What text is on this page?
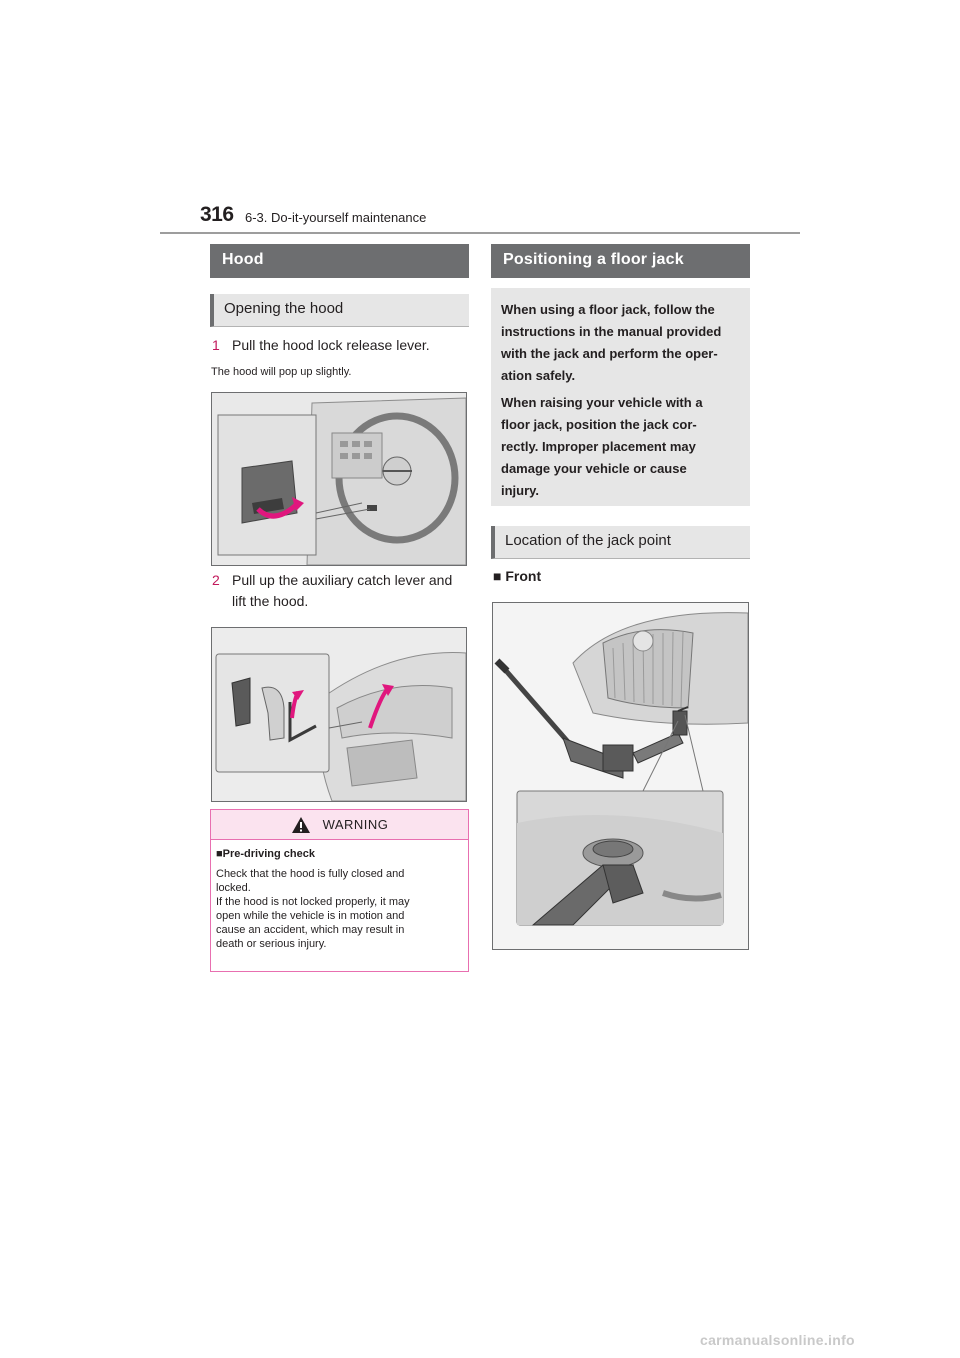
316 6-3. Do-it-yourself maintenance
Hood
Opening the hood
1 Pull the hood lock release lever.
The hood will pop up slightly.
2 Pull up the auxiliary catch lever and
lift the hood.
WARNING
■Pre-driving check
Check that the hood is fully closed and
locked.
If the hood is not locked properly, it may
open while the vehicle is in motion and
cause an accident, which may result in
death or serious injury.
Positioning a floor jack

When using a floor jack, follow the
instructions in the manual provided
with the jack and perform the oper-
ation safely.

When raising your vehicle with a
floor jack, position the jack cor-
rectly. Improper placement may
damage your vehicle or cause
injury.

Location of the jack point
■ Front
carmanualsonline.info
